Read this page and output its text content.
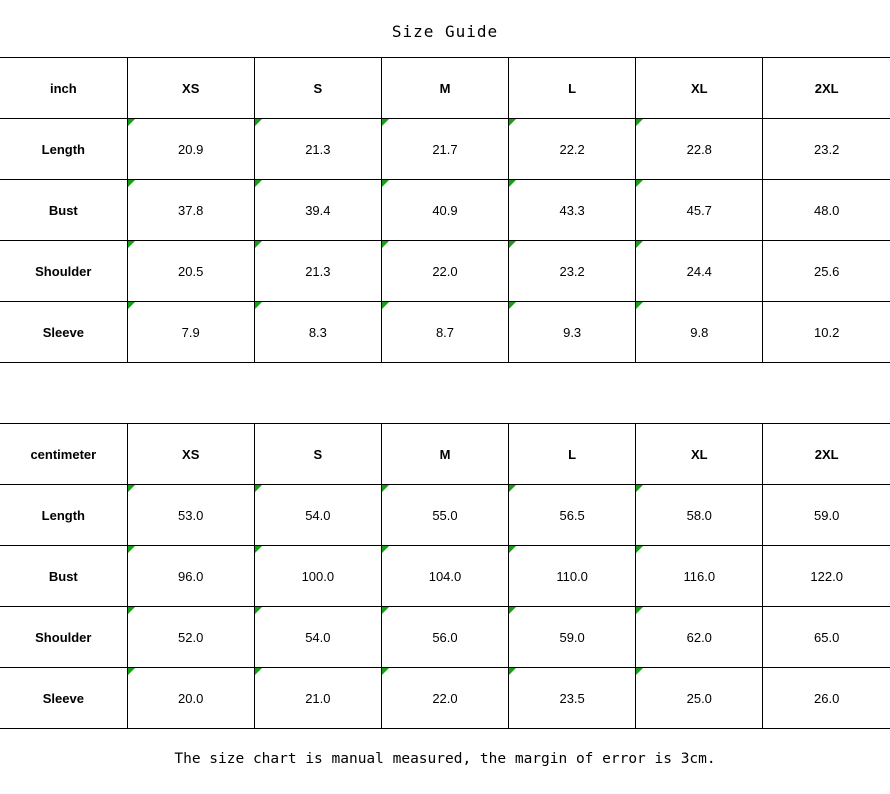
Size Guide
inch	XS	S	M	L	XL	2XL
Length	20.9	21.3	21.7	22.2	22.8	23.2
Bust	37.8	39.4	40.9	43.3	45.7	48.0
Shoulder	20.5	21.3	22.0	23.2	24.4	25.6
Sleeve	7.9	8.3	8.7	9.3	9.8	10.2
centimeter	XS	S	M	L	XL	2XL
Length	53.0	54.0	55.0	56.5	58.0	59.0
Bust	96.0	100.0	104.0	110.0	116.0	122.0
Shoulder	52.0	54.0	56.0	59.0	62.0	65.0
Sleeve	20.0	21.0	22.0	23.5	25.0	26.0
The size chart is manual measured, the margin of error is 3cm.
